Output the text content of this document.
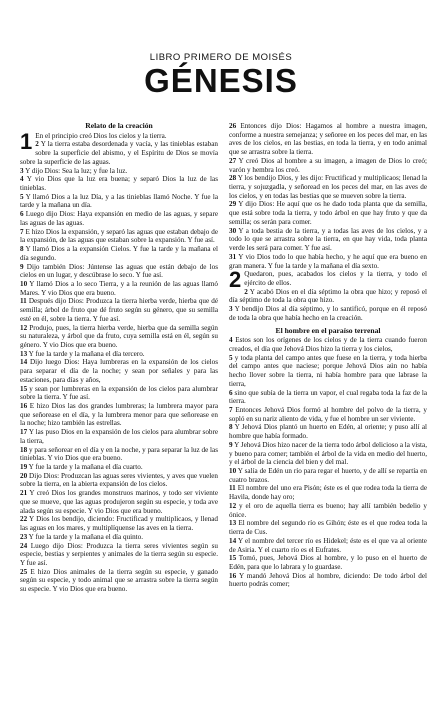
LIBRO PRIMERO DE MOISÉS
GÉNESIS
Relato de la creación

1 En el principio creó Dios los cielos y la tierra.

2 Y la tierra estaba desordenada y vacía, y las tinieblas estaban sobre la superficie del abismo, y el Espíritu de Dios se movía sobre la superficie de las aguas.

3 Y dijo Dios: Sea la luz; y fue la luz.

4 Y vio Dios que la luz era buena; y separó Dios la luz de las tinieblas.

5 Y llamó Dios a la luz Día, y a las tinieblas llamó Noche. Y fue la tarde y la mañana un día.

6 Luego dijo Dios: Haya expansión en medio de las aguas, y separe las aguas de las aguas.

7 E hizo Dios la expansión, y separó las aguas que estaban debajo de la expansión, de las aguas que estaban sobre la expansión. Y fue así.

8 Y llamó Dios a la expansión Cielos. Y fue la tarde y la mañana el día segundo.

9 Dijo también Dios: Júntense las aguas que están debajo de los cielos en un lugar, y descúbrase lo seco. Y fue así.

10 Y llamó Dios a lo seco Tierra, y a la reunión de las aguas llamó Mares. Y vio Dios que era bueno.

11 Después dijo Dios: Produzca la tierra hierba verde, hierba que dé semilla; árbol de fruto que dé fruto según su género, que su semilla esté en él, sobre la tierra. Y fue así.

12 Produjo, pues, la tierra hierba verde, hierba que da semilla según su naturaleza, y árbol que da fruto, cuya semilla está en él, según su género. Y vio Dios que era bueno.

13 Y fue la tarde y la mañana el día tercero.

14 Dijo luego Dios: Haya lumbreras en la expansión de los cielos para separar el día de la noche; y sean por señales y para las estaciones, para días y años,

15 y sean por lumbreras en la expansión de los cielos para alumbrar sobre la tierra. Y fue así.

16 E hizo Dios las dos grandes lumbreras; la lumbrera mayor para que señorease en el día, y la lumbrera menor para que señorease en la noche; hizo también las estrellas.

17 Y las puso Dios en la expansión de los cielos para alumbrar sobre la tierra,

18 y para señorear en el día y en la noche, y para separar la luz de las tinieblas. Y vio Dios que era bueno.

19 Y fue la tarde y la mañana el día cuarto.

20 Dijo Dios: Produzcan las aguas seres vivientes, y aves que vuelen sobre la tierra, en la abierta expansión de los cielos.

21 Y creó Dios los grandes monstruos marinos, y todo ser viviente que se mueve, que las aguas produjeron según su especie, y toda ave alada según su especie. Y vio Dios que era bueno.

22 Y Dios los bendijo, diciendo: Fructificad y multiplicaos, y llenad las aguas en los mares, y multiplíquense las aves en la tierra.

23 Y fue la tarde y la mañana el día quinto.

24 Luego dijo Dios: Produzca la tierra seres vivientes según su especie, bestias y serpientes y animales de la tierra según su especie. Y fue así.

25 E hizo Dios animales de la tierra según su especie, y ganado según su especie, y todo animal que se arrastra sobre la tierra según su especie. Y vio Dios que era bueno.

26 Entonces dijo Dios: Hagamos al hombre a nuestra imagen, conforme a nuestra semejanza; y señoree en los peces del mar, en las aves de los cielos, en las bestias, en toda la tierra, y en todo animal que se arrastra sobre la tierra.

27 Y creó Dios al hombre a su imagen, a imagen de Dios lo creó; varón y hembra los creó.

28 Y los bendijo Dios, y les dijo: Fructificad y multiplicaos; llenad la tierra, y sojuzgadla, y señoread en los peces del mar, en las aves de los cielos, y en todas las bestias que se mueven sobre la tierra.

29 Y dijo Dios: He aquí que os he dado toda planta que da semilla, que está sobre toda la tierra, y todo árbol en que hay fruto y que da semilla; os serán para comer.

30 Y a toda bestia de la tierra, y a todas las aves de los cielos, y a todo lo que se arrastra sobre la tierra, en que hay vida, toda planta verde les será para comer. Y fue así.

31 Y vio Dios todo lo que había hecho, y he aquí que era bueno en gran manera. Y fue la tarde y la mañana el día sexto.

2 Quedaron, pues, acabados los cielos y la tierra, y todo el ejército de ellos.

2 Y acabó Dios en el día séptimo la obra que hizo; y reposó el día séptimo de toda la obra que hizo.

3 Y bendijo Dios al día séptimo, y lo santificó, porque en él reposó de toda la obra que había hecho en la creación.

El hombre en el paraíso terrenal

4 Estos son los orígenes de los cielos y de la tierra cuando fueron creados, el día que Jehová Dios hizo la tierra y los cielos,

5 y toda planta del campo antes que fuese en la tierra, y toda hierba del campo antes que naciese; porque Jehová Dios aún no había hecho llover sobre la tierra, ni había hombre para que labrase la tierra,

6 sino que subía de la tierra un vapor, el cual regaba toda la faz de la tierra.

7 Entonces Jehová Dios formó al hombre del polvo de la tierra, y sopló en su nariz aliento de vida, y fue el hombre un ser viviente.

8 Y Jehová Dios plantó un huerto en Edén, al oriente; y puso allí al hombre que había formado.

9 Y Jehová Dios hizo nacer de la tierra todo árbol delicioso a la vista, y bueno para comer; también el árbol de la vida en medio del huerto, y el árbol de la ciencia del bien y del mal.

10 Y salía de Edén un río para regar el huerto, y de allí se repartía en cuatro brazos.

11 El nombre del uno era Pisón; éste es el que rodea toda la tierra de Havila, donde hay oro;

12 y el oro de aquella tierra es bueno; hay allí también bedelio y ónice.

13 El nombre del segundo río es Gihón; éste es el que rodea toda la tierra de Cus.

14 Y el nombre del tercer río es Hidekel; éste es el que va al oriente de Asiria. Y el cuarto río es el Eufrates.

15 Tomó, pues, Jehová Dios al hombre, y lo puso en el huerto de Edén, para que lo labrara y lo guardase.

16 Y mandó Jehová Dios al hombre, diciendo: De todo árbol del huerto podrás comer;
